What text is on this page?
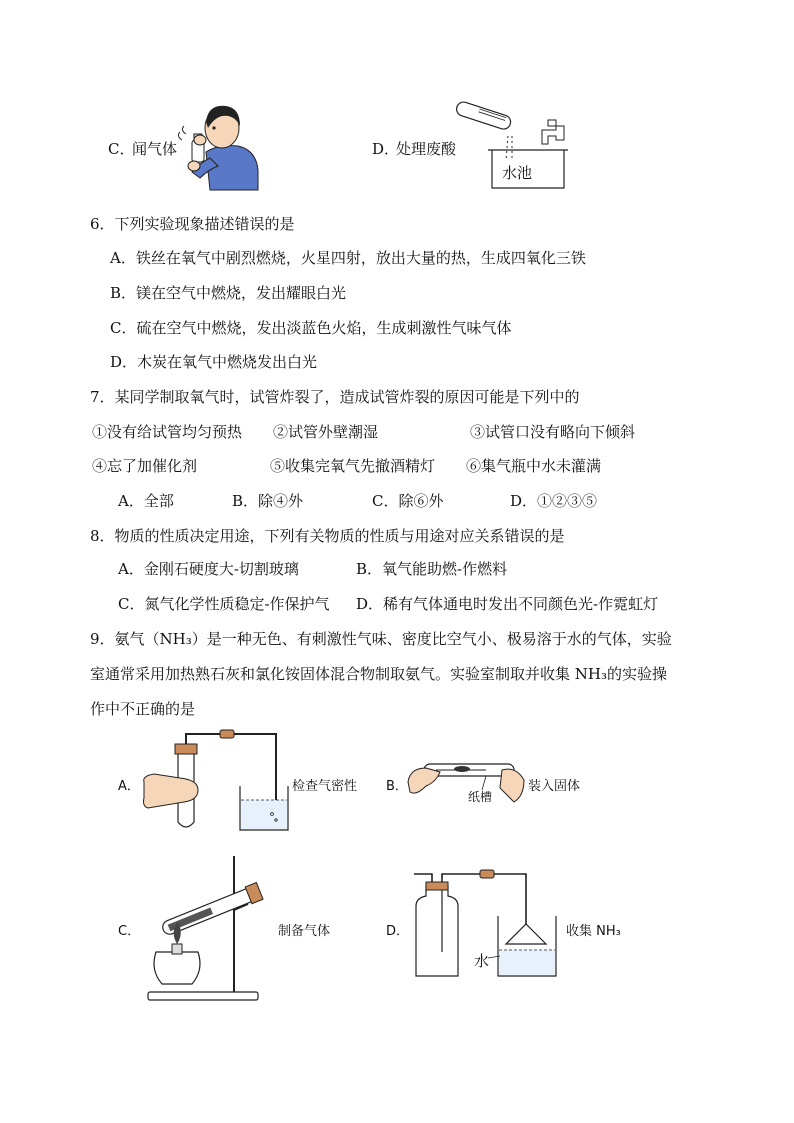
C．
闻气体	D．
处理废酸
水池
6．下列实验现象描述错误的是
A．铁丝在氧气中剧烈燃烧，火星四射，放出大量的热，生成四氧化三铁
B．镁在空气中燃烧，发出耀眼白光
C．硫在空气中燃烧，发出淡蓝色火焰，生成刺激性气味气体
D．木炭在氧气中燃烧发出白光
7．某同学制取氧气时，试管炸裂了，造成试管炸裂的原因可能是下列中的
①没有给试管均匀预热 ②试管外壁潮湿	③试管口没有略向下倾斜
④忘了加催化剂	⑤收集完氧气先撤酒精灯 ⑥集气瓶中水未灌满
A．全部	B．除④外	C．除⑥外	D．①②③⑤
8．物质的性质决定用途，下列有关物质的性质与用途对应关系错误的是
A．金刚石硬度大-切割玻璃	B．氧气能助燃-作燃料
C．氮气化学性质稳定-作保护气 D．稀有气体通电时发出不同颜色光-作霓虹灯
9．氨气（NH₃）是一种无色、有刺激性气味、密度比空气小、极易溶于水的气体，实验
室通常采用加热熟石灰和氯化铵固体混合物制取氨气。实验室制取并收集 NH₃的实验操
作中不正确的是
A．	检查气密性 B．
纸槽
装入固体
C．	制备气体	D．
水
收集 NH₃
